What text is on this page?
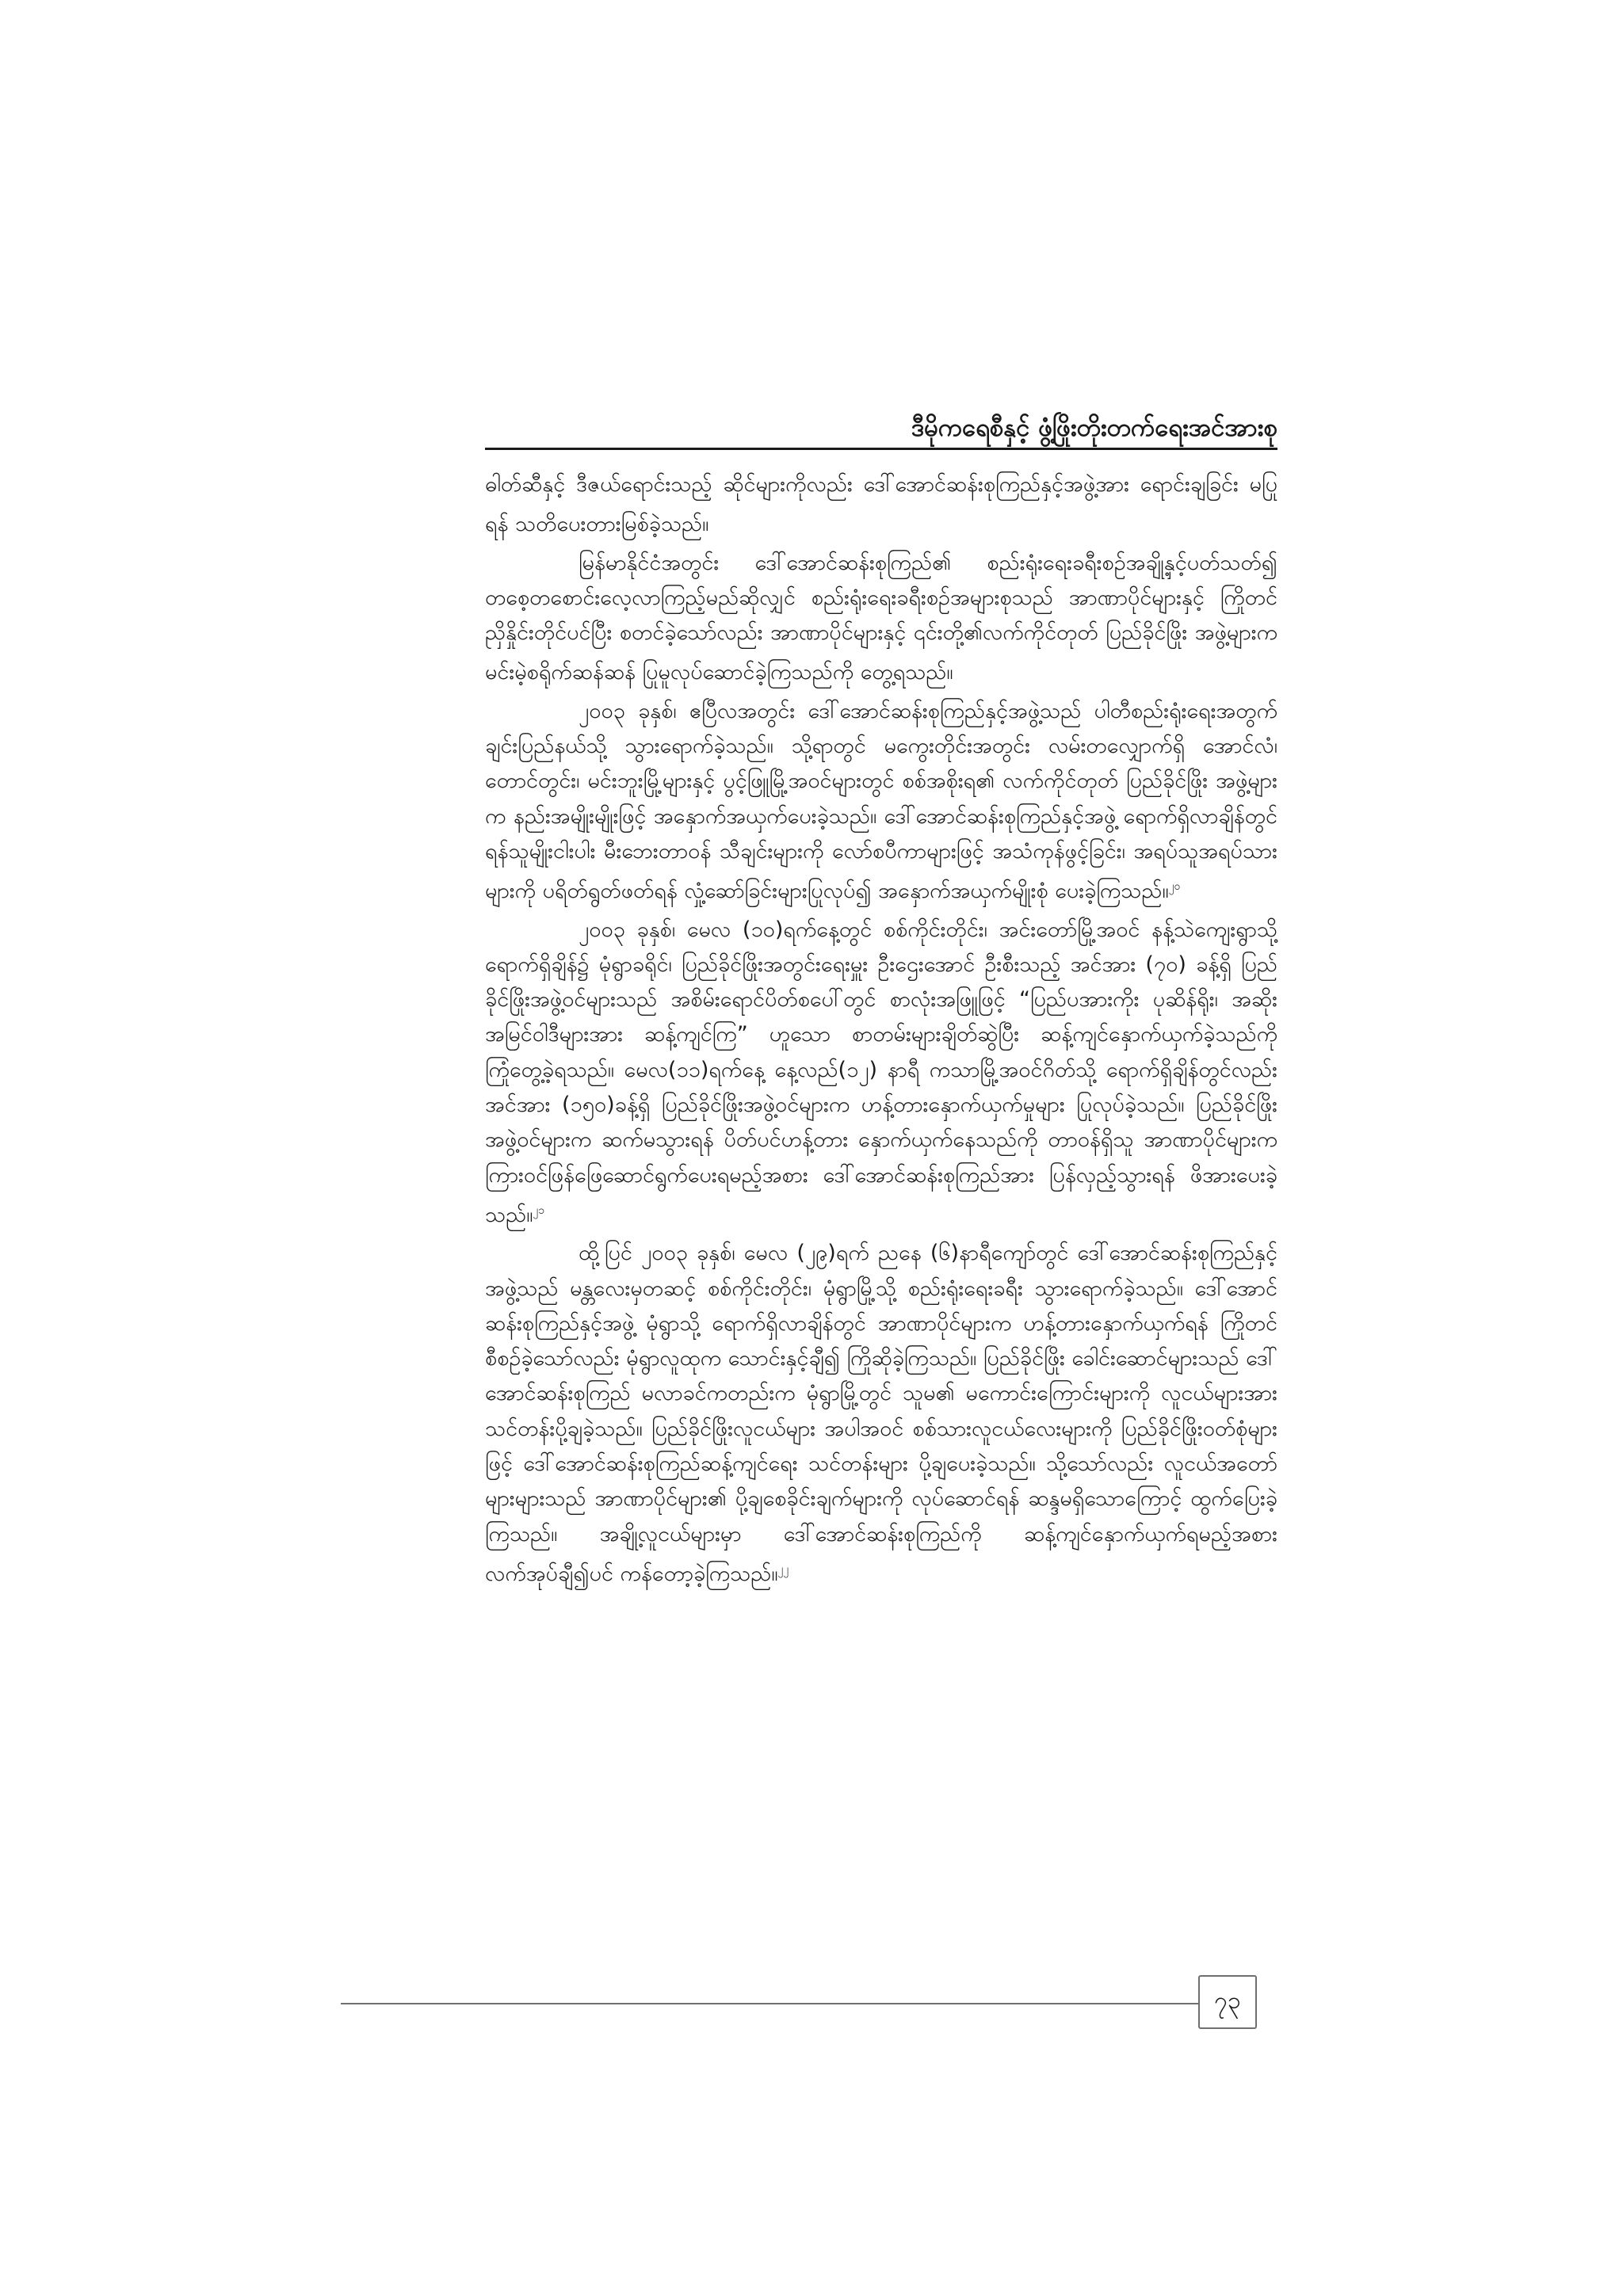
ဒီမိုကရေစီနှင့် ဖွံ့ဖြိုးတိုးတက်ရေးအင်အားစု

ဓါတ်ဆီနှင့် ဒီဇယ်ရောင်းသည့် ဆိုင်များကိုလည်း ဒေါ်အောင်ဆန်းစုကြည်နှင့်အဖွဲ့အား ရောင်းချခြင်း မပြုရန် သတိပေးတားမြစ်ခဲ့သည်။

မြန်မာနိုင်ငံအတွင်း ဒေါ်အောင်ဆန်းစုကြည်၏ စည်းရုံးရေးခရီးစဉ်အချို့နှင့်ပတ်သတ်၍ တစေ့တစောင်းလေ့လာကြည့်မည်ဆိုလျှင် စည်းရုံးရေးခရီးစဉ်အများစုသည် အာဏာပိုင်များနှင့် ကြိုတင်ညှိနှိုင်းတိုင်ပင်ပြီး စတင်ခဲ့သော်လည်း အာဏာပိုင်များနှင့် ၎င်းတို့၏လက်ကိုင်တုတ် ပြည်ခိုင်ဖြိုး အဖွဲ့များက မင်းမဲ့စရိုက်ဆန်ဆန် ပြုမူလုပ်ဆောင်ခဲ့ကြသည်ကို တွေ့ရသည်။

၂၀၀၃ ခုနှစ်၊ ဧပြီလအတွင်း ဒေါ်အောင်ဆန်းစုကြည်နှင့်အဖွဲ့သည် ပါတီစည်းရုံးရေးအတွက် ချင်းပြည်နယ်သို့ သွားရောက်ခဲ့သည်။ သို့ရာတွင် မကွေးတိုင်းအတွင်း လမ်းတလျှောက်ရှိ အောင်လံ၊ တောင်တွင်း၊ မင်းဘူးမြို့များနှင့် ပွင့်ဖြူမြို့အဝင်များတွင် စစ်အစိုးရ၏ လက်ကိုင်တုတ် ပြည်ခိုင်ဖြိုး အဖွဲ့များက နည်းအမျိုးမျိုးဖြင့် အနှောက်အယှက်ပေးခဲ့သည်။ ဒေါ်အောင်ဆန်းစုကြည်နှင့်အဖွဲ့ ရောက်ရှိလာချိန်တွင် ရန်သူမျိုးငါးပါး မီးဘေးတာဝန် သီချင်းများကို လော်စပီကာများဖြင့် အသံကုန်ဖွင့်ခြင်း၊ အရပ်သူအရပ်သားများကို ပရိတ်ရွတ်ဖတ်ရန် လှုံ့ဆော်ခြင်းများပြုလုပ်၍ အနှောက်အယှက်မျိုးစုံ ပေးခဲ့ကြသည်။$^{၂၀}$

၂၀၀၃ ခုနှစ်၊ မေလ (၁၀)ရက်နေ့တွင် စစ်ကိုင်းတိုင်း၊ အင်းတော်မြို့အဝင် နန့်သဲကျေးရွာသို့ ရောက်ရှိချိန်၌ မုံရွာခရိုင်၊ ပြည်ခိုင်ဖြိုးအတွင်းရေးမှူး ဦးဌေးအောင် ဦးစီးသည့် အင်အား (၇၀) ခန့်ရှိ ပြည်ခိုင်ဖြိုးအဖွဲ့ဝင်များသည် အစိမ်းရောင်ပိတ်စပေါ်တွင် စာလုံးအဖြူဖြင့် “ပြည်ပအားကိုး ပုဆိန်ရိုး၊ အဆိုးအမြင်ဝါဒီများအား ဆန့်ကျင်ကြ” ဟူသော စာတမ်းများချိတ်ဆွဲပြီး ဆန့်ကျင်နှောက်ယှက်ခဲ့သည်ကို ကြုံတွေ့ခဲ့ရသည်။ မေလ(၁၁)ရက်နေ့ နေ့လည်(၁၂) နာရီ ကသာမြို့အဝင်ဂိတ်သို့ ရောက်ရှိချိန်တွင်လည်း အင်အား (၁၅၀)ခန့်ရှိ ပြည်ခိုင်ဖြိုးအဖွဲ့ဝင်များက ဟန့်တားနှောက်ယှက်မှုများ ပြုလုပ်ခဲ့သည်။ ပြည်ခိုင်ဖြိုးအဖွဲ့ဝင်များက ဆက်မသွားရန် ပိတ်ပင်ဟန့်တား နှောက်ယှက်နေသည်ကို တာဝန်ရှိသူ အာဏာပိုင်များက ကြားဝင်ဖြန်ဖြေဆောင်ရွက်ပေးရမည့်အစား ဒေါ်အောင်ဆန်းစုကြည်အား ပြန်လှည့်သွားရန် ဖိအားပေးခဲ့သည်။$^{၂၁}$

ထို့ပြင် ၂၀၀၃ ခုနှစ်၊ မေလ (၂၉)ရက် ညနေ (၆)နာရီကျော်တွင် ဒေါ်အောင်ဆန်းစုကြည်နှင့် အဖွဲ့သည် မန္တလေးမှတဆင့် စစ်ကိုင်းတိုင်း၊ မုံရွာမြို့သို့ စည်းရုံးရေးခရီး သွားရောက်ခဲ့သည်။ ဒေါ်အောင်ဆန်းစုကြည်နှင့်အဖွဲ့ မုံရွာသို့ ရောက်ရှိလာချိန်တွင် အာဏာပိုင်များက ဟန့်တားနှောက်ယှက်ရန် ကြိုတင်စီစဉ်ခဲ့သော်လည်း မုံရွာလူထုက သောင်းနှင့်ချီ၍ ကြိုဆိုခဲ့ကြသည်။ ပြည်ခိုင်ဖြိုး ခေါင်းဆောင်များသည် ဒေါ်အောင်ဆန်းစုကြည် မလာခင်ကတည်းက မုံရွာမြို့တွင် သူမ၏ မကောင်းကြောင်းများကို လူငယ်များအား သင်တန်းပို့ချခဲ့သည်။ ပြည်ခိုင်ဖြိုးလူငယ်များ အပါအဝင် စစ်သားလူငယ်လေးများကို ပြည်ခိုင်ဖြိုးဝတ်စုံများဖြင့် ဒေါ်အောင်ဆန်းစုကြည်ဆန့်ကျင်ရေး သင်တန်းများ ပို့ချပေးခဲ့သည်။ သို့သော်လည်း လူငယ်အတော်များများသည် အာဏာပိုင်များ၏ ပို့ချစေခိုင်းချက်များကို လုပ်ဆောင်ရန် ဆန္ဒမရှိသောကြောင့် ထွက်ပြေးခဲ့ကြသည်။ အချို့လူငယ်များမှာ ဒေါ်အောင်ဆန်းစုကြည်ကို ဆန့်ကျင်နှောက်ယှက်ရမည့်အစား လက်အုပ်ချီ၍ပင် ကန်တော့ခဲ့ကြသည်။$^{၂၂}$

၇၃
